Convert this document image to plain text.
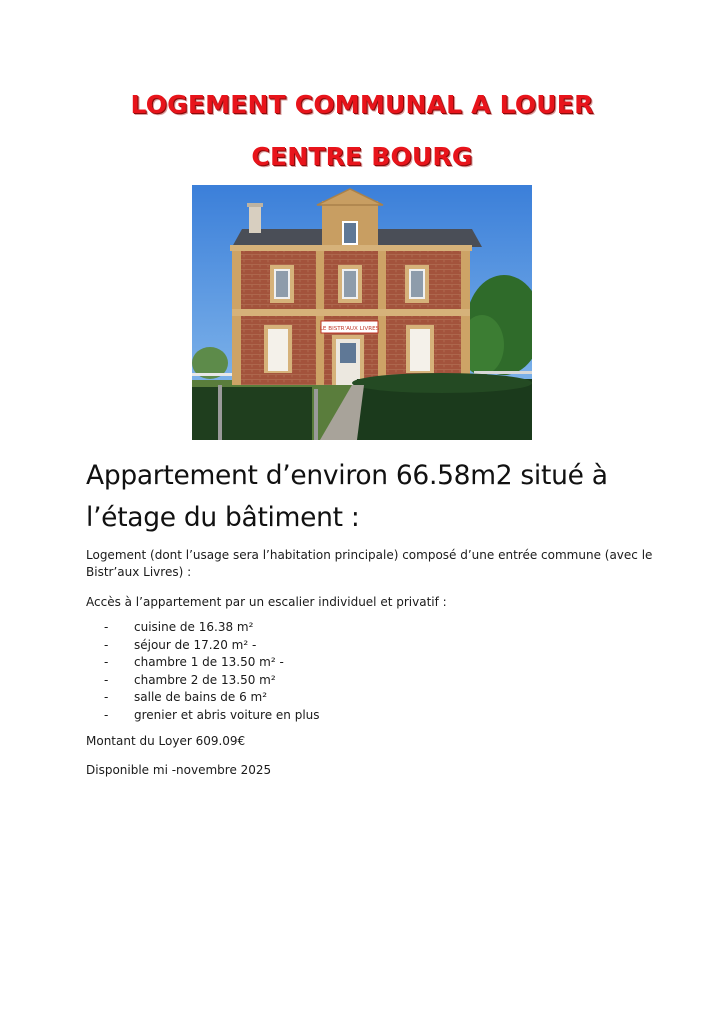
LOGEMENT COMMUNAL A LOUER
CENTRE BOURG
LE BISTR'AUX LIVRES
Appartement d’environ 66.58m2 situé à
l’étage du bâtiment :
Logement (dont l’usage sera l’habitation principale) composé d’une entrée commune (avec le Bistr’aux Livres) :
Accès à l’appartement par un escalier individuel et privatif :
- cuisine de 16.38 m²
- séjour de 17.20 m² -
- chambre 1 de 13.50 m² -
- chambre 2 de 13.50 m²
- salle de bains de 6 m²
- grenier et abris voiture en plus
Montant du Loyer 609.09€
Disponible mi -novembre 2025
